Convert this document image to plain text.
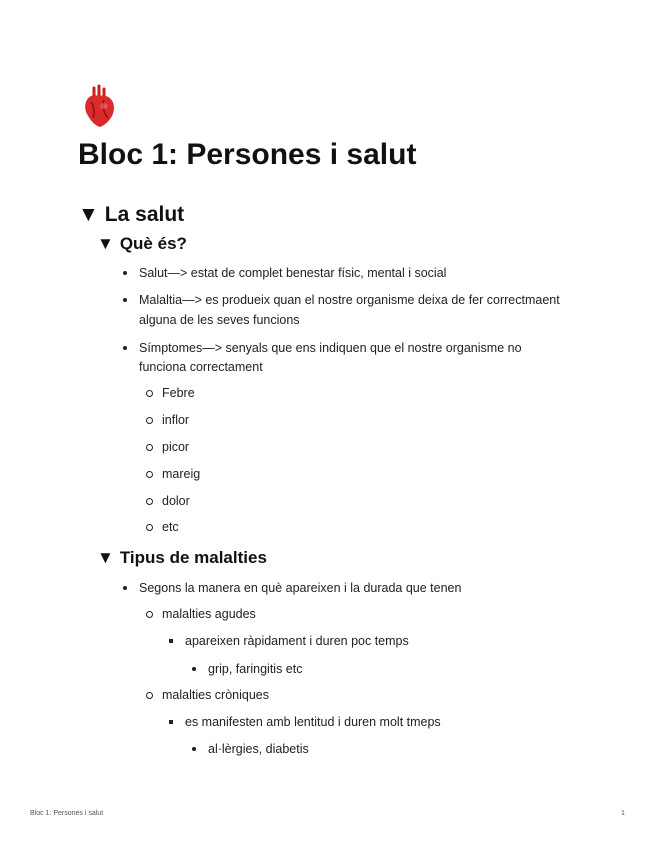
Bloc 1: Persones i salut
▼ La salut
▼ Què és?
Salut—> estat de complet benestar físic, mental i social
Malaltia—> es produeix quan el nostre organisme deixa de fer correctmaent
alguna de les seves funcions
Símptomes—> senyals que ens indiquen que el nostre organisme no
funciona correctament
Febre
inflor
picor
mareig
dolor
etc
▼ Tipus de malalties
Segons la manera en què apareixen i la durada que tenen
malalties agudes
apareixen ràpidament i duren poc temps
grip, faringitis etc
malalties cròniques
es manifesten amb lentitud i duren molt tmeps
al·lèrgies, diabetis
Bloc 1: Persones i salut	1
